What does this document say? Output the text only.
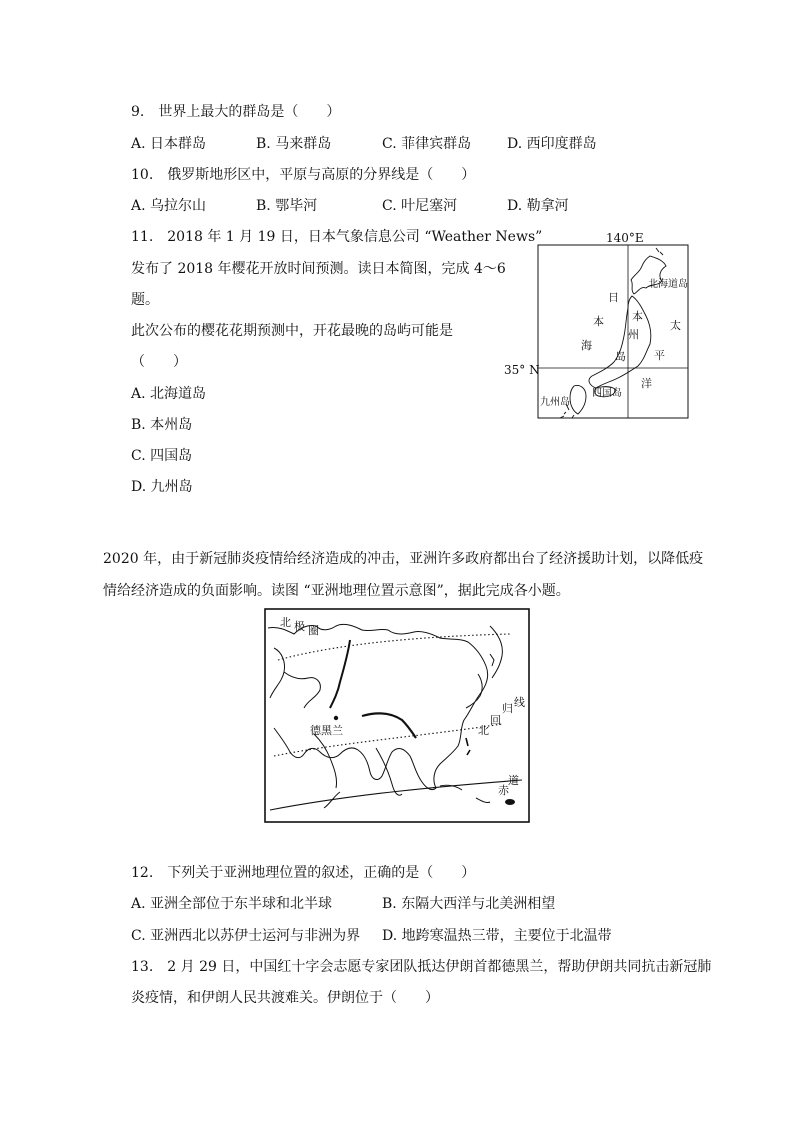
9.　世界上最大的群岛是（　　）
A. 日本群岛	B. 马来群岛	C. 菲律宾群岛	D. 西印度群岛
10.　俄罗斯地形区中，平原与高原的分界线是（　　）
A. 乌拉尔山	B. 鄂毕河	C. 叶尼塞河	D. 勒拿河
11.　2018 年 1 月 19 日，日本气象信息公司 “Weather News”
发布了 2018 年樱花开放时间预测。读日本简图，完成 4～6
题。
此次公布的樱花花期预测中，开花最晚的岛屿可能是
（　　）
A. 北海道岛
B. 本州岛
C. 四国岛
D. 九州岛
140°E
35° N
北海道岛
日
本
海
本
州
岛
太
平
洋
四国岛
九州岛
2020 年，由于新冠肺炎疫情给经济造成的冲击，亚洲许多政府都出台了经济援助计划，以降低疫
情给经济造成的负面影响。读图 “亚洲地理位置示意图”，据此完成各小题。
北 极 圈
德黑兰	北
回
归 线
赤
道
12.　下列关于亚洲地理位置的叙述，正确的是（　　）
A. 亚洲全部位于东半球和北半球	B. 东隔大西洋与北美洲相望
C. 亚洲西北以苏伊士运河与非洲为界 D. 地跨寒温热三带，主要位于北温带
13.　2 月 29 日，中国红十字会志愿专家团队抵达伊朗首都德黑兰，帮助伊朗共同抗击新冠肺
炎疫情，和伊朗人民共渡难关。伊朗位于（　　）
